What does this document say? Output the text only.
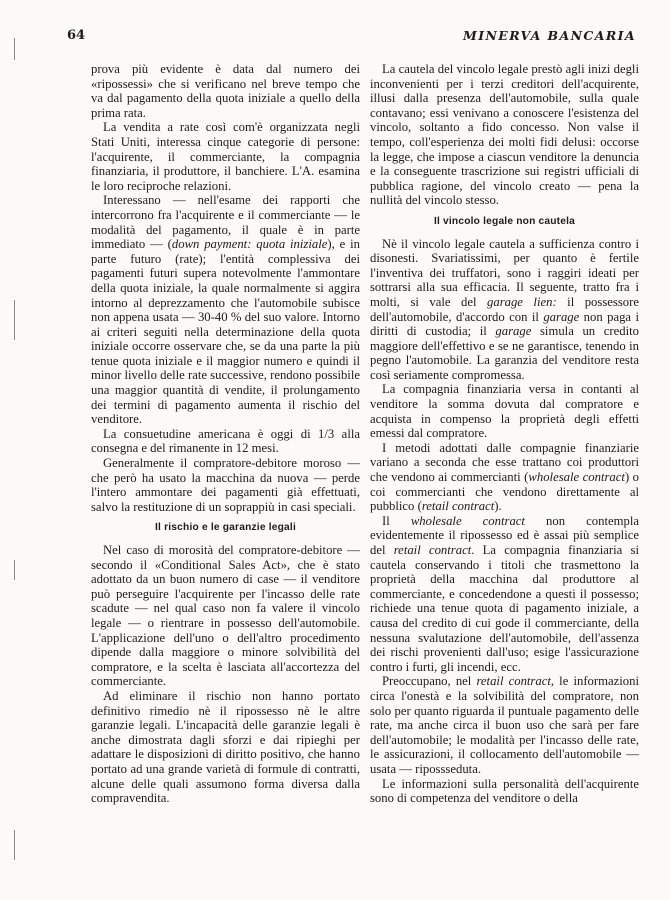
64	MINERVA BANCARIA

prova più evidente è data dal numero dei «ripossessi» che si verificano nel breve tempo che va dal pagamento della quota iniziale a quello della prima rata.

La vendita a rate così com'è organizzata negli Stati Uniti, interessa cinque categorie di persone: l'acquirente, il commerciante, la compagnia finanziaria, il produttore, il banchiere. L'A. esamina le loro reciproche relazioni.

Interessano — nell'esame dei rapporti che intercorrono fra l'acquirente e il commerciante — le modalità del pagamento, il quale è in parte immediato — (down payment: quota iniziale), e in parte futuro (rate); l'entità complessiva dei pagamenti futuri supera notevolmente l'ammontare della quota iniziale, la quale normalmente si aggira intorno al deprezzamento che l'automobile subisce non appena usata — 30-40 % del suo valore. Intorno ai criteri seguiti nella determinazione della quota iniziale occorre osservare che, se da una parte la più tenue quota iniziale e il maggior numero e quindi il minor livello delle rate successive, rendono possibile una maggior quantità di vendite, il prolungamento dei termini di pagamento aumenta il rischio del venditore.

La consuetudine americana è oggi di 1/3 alla consegna e del rimanente in 12 mesi.

Generalmente il compratore-debitore moroso — che però ha usato la macchina da nuova — perde l'intero ammontare dei pagamenti già effettuati, salvo la restituzione di un soprappiù in casi speciali.

Il rischio e le garanzie legali

Nel caso di morosità del compratore-debitore — secondo il «Conditional Sales Act», che è stato adottato da un buon numero di case — il venditore può perseguire l'acquirente per l'incasso delle rate scadute — nel qual caso non fa valere il vincolo legale — o rientrare in possesso dell'automobile. L'applicazione dell'uno o dell'altro procedimento dipende dalla maggiore o minore solvibilità del compratore, e la scelta è lasciata all'accortezza del commerciante.

Ad eliminare il rischio non hanno portato definitivo rimedio nè il ripossesso nè le altre garanzie legali. L'incapacità delle garanzie legali è anche dimostrata dagli sforzi e dai ripieghi per adattare le disposizioni di diritto positivo, che hanno portato ad una grande varietà di formule di contratti, alcune delle quali assumono forma diversa dalla compravendita.

La cautela del vincolo legale prestò agli inizi degli inconvenienti per i terzi creditori dell'acquirente, illusi dalla presenza dell'automobile, sulla quale contavano; essi venivano a conoscere l'esistenza del vincolo, soltanto a fido concesso. Non valse il tempo, coll'esperienza dei molti fidi delusi: occorse la legge, che impose a ciascun venditore la denuncia e la conseguente trascrizione sui registri ufficiali di pubblica ragione, del vincolo creato — pena la nullità del vincolo stesso.

Il vincolo legale non cautela

Nè il vincolo legale cautela a sufficienza contro i disonesti. Svariatissimi, per quanto è fertile l'inventiva dei truffatori, sono i raggiri ideati per sottrarsi alla sua efficacia. Il seguente, tratto fra i molti, si vale del garage lien: il possessore dell'automobile, d'accordo con il garage non paga i diritti di custodia; il garage simula un credito maggiore dell'effettivo e se ne garantisce, tenendo in pegno l'automobile. La garanzia del venditore resta così seriamente compromessa.

La compagnia finanziaria versa in contanti al venditore la somma dovuta dal compratore e acquista in compenso la proprietà degli effetti emessi dal compratore.

I metodi adottati dalle compagnie finanziarie variano a seconda che esse trattano coi produttori che vendono ai commercianti (wholesale contract) o coi commercianti che vendono direttamente al pubblico (retail contract).

Il wholesale contract non contempla evidentemente il ripossesso ed è assai più semplice del retail contract. La compagnia finanziaria si cautela conservando i titoli che trasmettono la proprietà della macchina dal produttore al commerciante, e concedendone a questi il possesso; richiede una tenue quota di pagamento iniziale, a causa del credito di cui gode il commerciante, della nessuna svalutazione dell'automobile, dell'assenza dei rischi provenienti dall'uso; esige l'assicurazione contro i furti, gli incendi, ecc.

Preoccupano, nel retail contract, le informazioni circa l'onestà e la solvibilità del compratore, non solo per quanto riguarda il puntuale pagamento delle rate, ma anche circa il buon uso che sarà per fare dell'automobile; le modalità per l'incasso delle rate, le assicurazioni, il collocamento dell'automobile — usata — ripossseduta.

Le informazioni sulla personalità dell'acquirente sono di competenza del venditore o della
